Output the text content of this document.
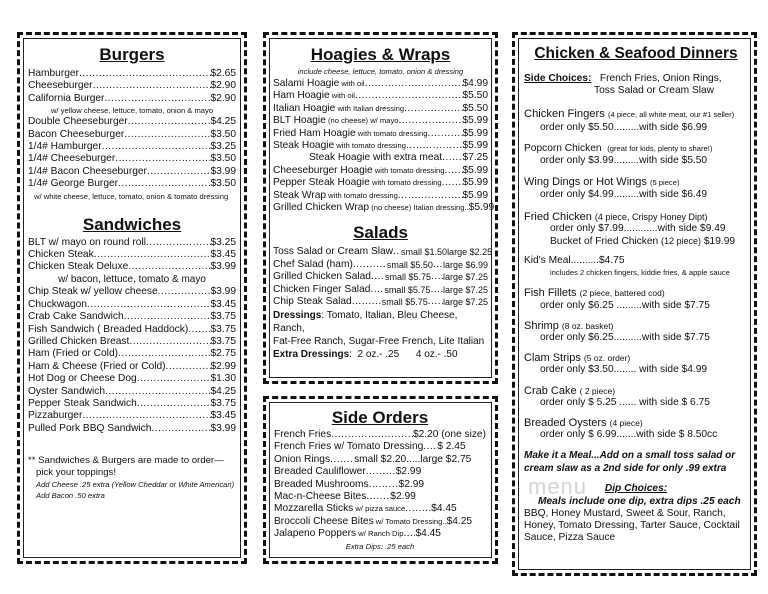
Burgers

Hamburger .....	$2.65
Cheeseburger .....	$2.90
California Burger .....	$2.90
w/ yellow cheese, lettuce, tomato, onion & mayo
Double Cheeseburger .....	$4.25
Bacon Cheeseburger .....	$3.50
1/4# Hamburger .....	$3.25
1/4# Cheeseburger .....	$3.50
1/4# Bacon Cheeseburger .....	$3.99
1/4# George Burger .....	$3.50
w/ white cheese, lettuce, tomato, onion & tomato dressing

Sandwiches

BLT w/ mayo on round roll .....	$3.25
Chicken Steak .....	$3.45
Chicken Steak Deluxe .....	$3.99
w/ bacon, lettuce, tomato & mayo
Chip Steak w/ yellow cheese .....	$3.99
Chuckwagon .....	$3.45
Crab Cake Sandwich .....	$3.75
Fish Sandwich ( Breaded Haddock) ..... $3.75
Grilled Chicken Breast .....	$3.75
Ham (Fried or Cold) .....	$2.75
Ham & Cheese (Fried or Cold) .....	$2.99
Hot Dog or Cheese Dog .....	$1.30
Oyster Sandwich .....	$4.25
Pepper Steak Sandwich .....	$3.75
Pizzaburger .....	$3.45
Pulled Pork BBQ Sandwich .....	$3.99
** Sandwiches & Burgers are made to order—
pick your toppings!
Add Cheese .25 extra (Yellow Cheddar or White American)
Add Bacon .50 extra

Hoagies & Wraps

include cheese, lettuce, tomato, onion & dressing
Salami Hoagie
with oil .....	$4.99
Ham Hoagie
with oil .....	$5.50
Italian Hoagie
with Italian dressing .....	$5.50
BLT Hoagie
(no cheese) w/ mayo .....	$5.99
Fried Ham Hoagie
with tomato dressing .....	$5.99
Steak Hoagie
with tomato dressing .....	$5.99
Steak Hoagie with extra meat ..... $7.25
Cheeseburger Hoagie
with tomato dressing ..... $5.99
Pepper Steak Hoagie
with tomato dressing ..... $5.99
Steak Wrap
with tomato dressing .....	$5.99
Grilled Chicken Wrap
(no cheese) Italian dressing.. $5.99

Salads

Toss Salad or Cream Slaw ..... small $1.50 large $2.25
Chef Salad (ham) .....	small $5.50 ..... large $6.99
Grilled Chicken Salad ..... small $5.75 ..... large $7.25
Chicken Finger Salad ..... small $5.75 ..... large $7.25
Chip Steak Salad .....	small $5.75 ..... large $7.25
Dressings: Tomato, Italian, Bleu Cheese, Ranch,
Fat-Free Ranch, Sugar-Free French, Lite Italian
Extra Dressings:  2 oz.- .25      4 oz.- .50

Side Orders

French Fries .....	$2.20 (one size)
French Fries w/ Tomato Dressing ..... $ 2.45
Onion Rings ..... small $2.20.....large $2.75
Breaded Cauliflower .....	$2.99
Breaded Mushrooms .....	$2.99
Mac-n-Cheese Bites ..... $2.99
Mozzarella Sticks
w/ pizza sauce .....	$4.45
Broccoli Cheese Bites
w/ Tomato Dressing.. $4.25
Jalapeno Poppers
w/ Ranch Dip ..... $4.45
Extra Dips: .25 each

Chicken & Seafood Dinners

Side Choices: French Fries, Onion Rings,
Toss Salad or Cream Slaw
Chicken Fingers (4 piece, all white meat, our #1 seller)
order only $5.50.........with side $6.99
Popcorn Chicken (great for kids, plenty to share!)
order only $3.99.........with side $5.50
Wing Dings or Hot Wings (5 piece)
order only $4.99.........with side $6.49
Fried Chicken (4 piece, Crispy Honey Dipt)
order only $7.99............with side $9.49
Bucket of Fried Chicken (12 piece) $19.99
Kid's Meal..........$4.75
includes 2 chicken fingers, kiddie fries, & apple sauce
Fish Fillets (2 piece, battered cod)
order only $6.25 .........with side $7.75
Shrimp (8 oz. basket)
order only $6.25..........with side $7.75
Clam Strips (5 oz. order)
order only $3.50........ with side $4.99
Crab Cake ( 2 piece)
order only $ 5.25 ...... with side $ 6.75
Breaded Oysters (4 piece)
order only $ 6.99.......with side $ 8.50cc
Make it a Meal...Add on a small toss salad or
cream slaw as a 2nd side for only .99 extra
menu	Dip Choices:
Meals include one dip, extra dips .25 each
BBQ, Honey Mustard, Sweet & Sour, Ranch,
Honey, Tomato Dressing, Tarter Sauce, Cocktail
Sauce, Pizza Sauce
